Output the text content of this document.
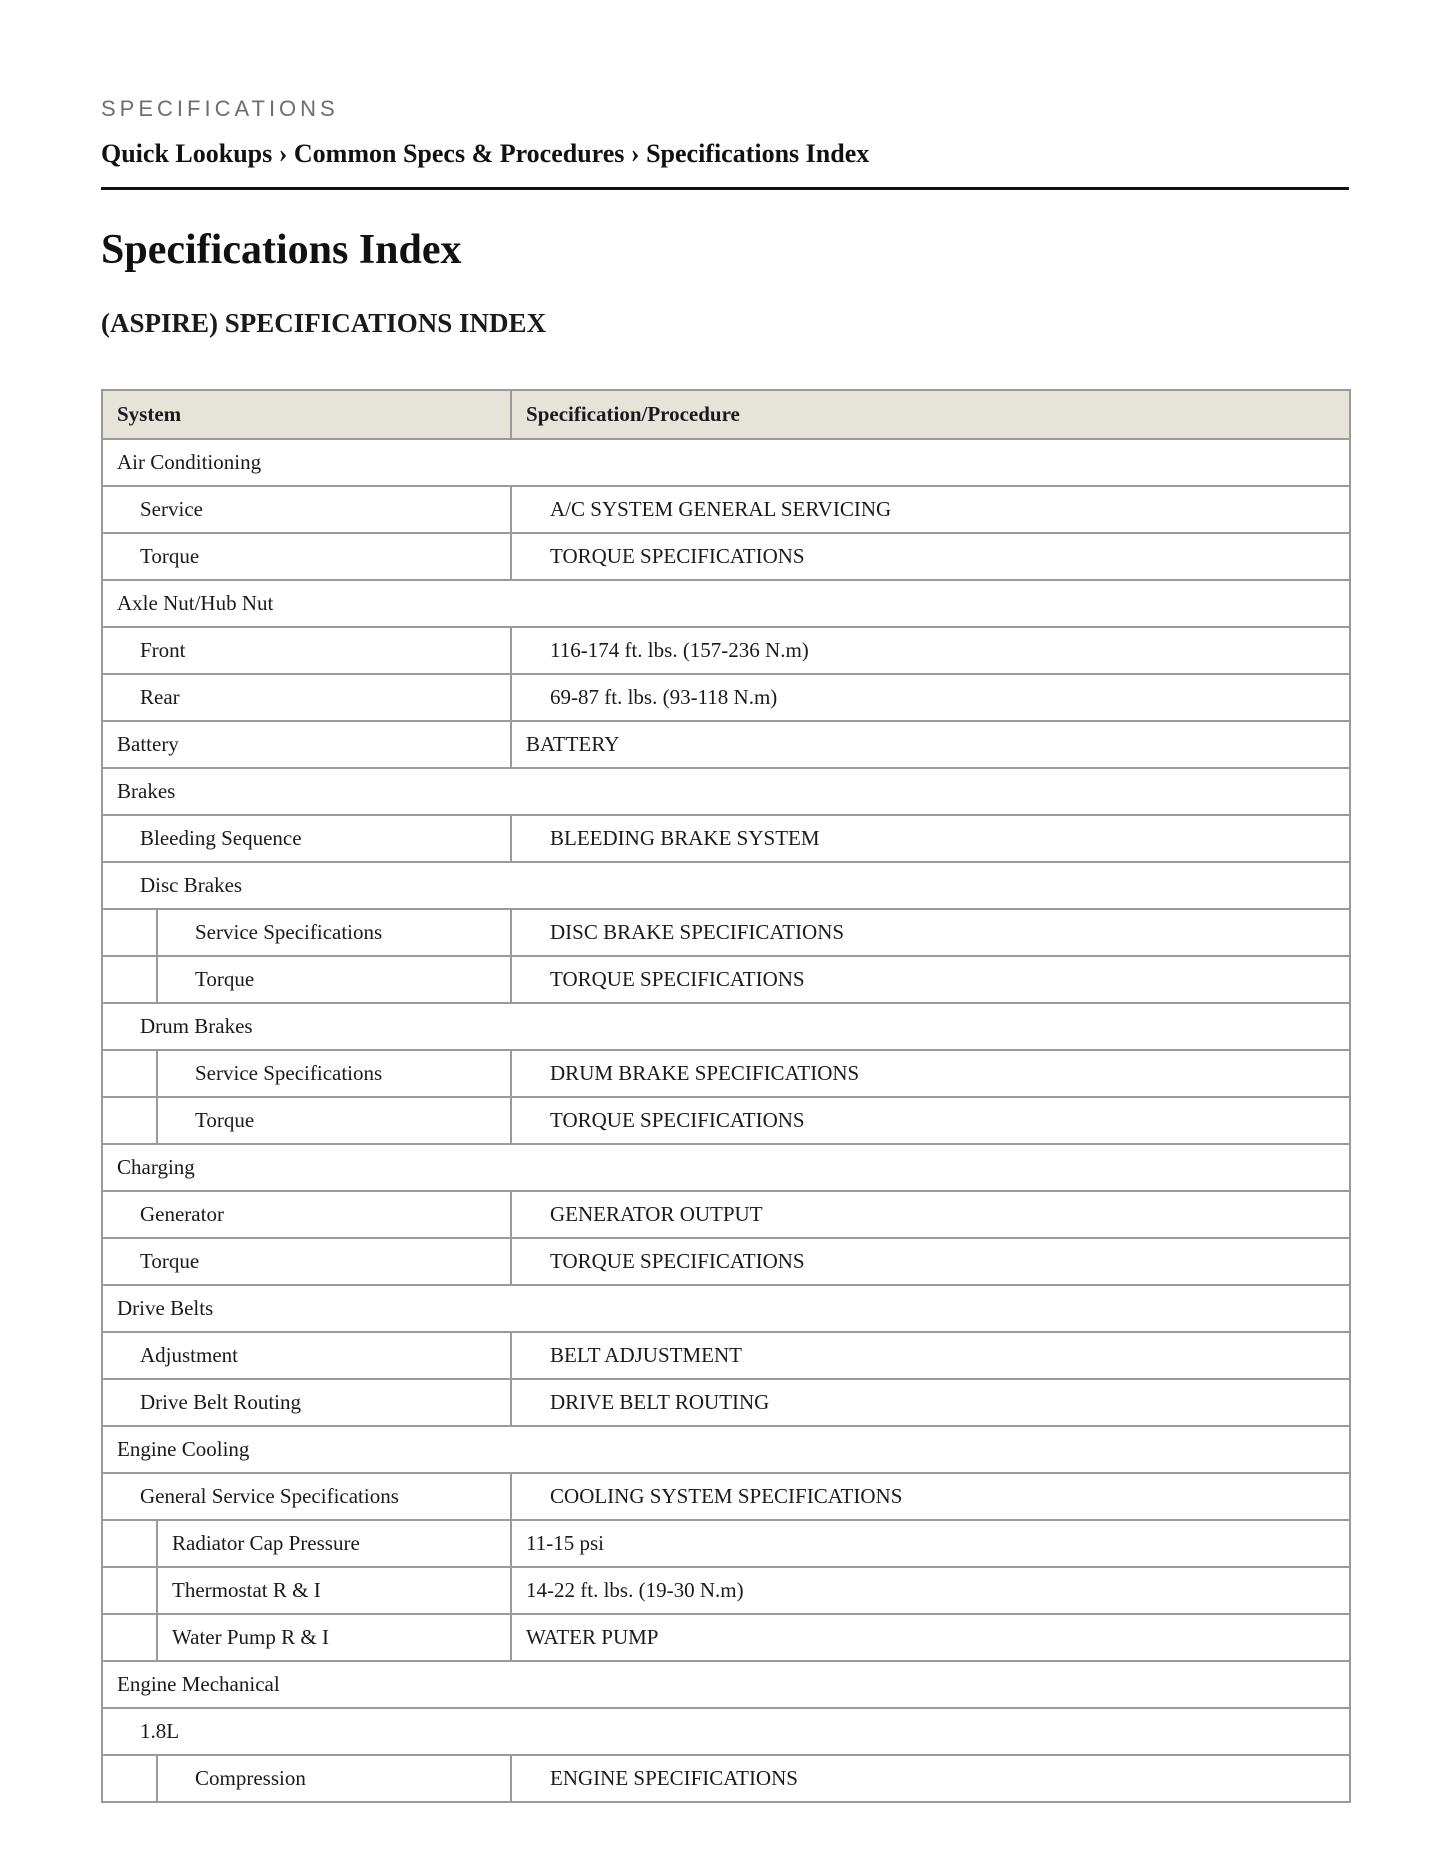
SPECIFICATIONS
Quick Lookups › Common Specs & Procedures › Specifications Index
Specifications Index
(ASPIRE) SPECIFICATIONS INDEX
System		Specification/Procedure
Air Conditioning		
Service		A/C SYSTEM GENERAL SERVICING
Torque		TORQUE SPECIFICATIONS
Axle Nut/Hub Nut		
Front		116-174 ft. lbs. (157-236 N.m)
Rear		69-87 ft. lbs. (93-118 N.m)
Battery		BATTERY
Brakes		
Bleeding Sequence		BLEEDING BRAKE SYSTEM
Disc Brakes		
	Service Specifications	DISC BRAKE SPECIFICATIONS
	Torque	TORQUE SPECIFICATIONS
Drum Brakes		
	Service Specifications	DRUM BRAKE SPECIFICATIONS
	Torque	TORQUE SPECIFICATIONS
Charging		
Generator		GENERATOR OUTPUT
Torque		TORQUE SPECIFICATIONS
Drive Belts		
Adjustment		BELT ADJUSTMENT
Drive Belt Routing		DRIVE BELT ROUTING
Engine Cooling		
General Service Specifications		COOLING SYSTEM SPECIFICATIONS
	Radiator Cap Pressure	11-15 psi
	Thermostat R & I	14-22 ft. lbs. (19-30 N.m)
	Water Pump R & I	WATER PUMP
Engine Mechanical		
1.8L		
	Compression	ENGINE SPECIFICATIONS
